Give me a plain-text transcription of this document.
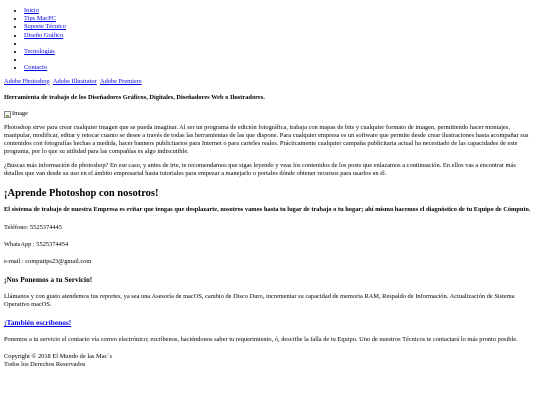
• Inicio
• Tips MacPC
• Soporte Técnico
• Diseño Gráfico
•
• Tecnologías
•
• Contacto
Adobe Photoshop Adobe Illustrator Adobe Premiere
Herramienta de trabajo de los Diseñadores Gráficos, Digitales, Diseñadores Web o Ilustradores.
Image

Photoshop sirve para crear cualquier imagen que se pueda imaginar. Al ser un programa de edición fotográfica, trabaja con mapas de bits y cualquier formato de imagen, permitiendo hacer montajes, manipular, modificar, editar y retocar cuanto se desee a través de todas las herramientas de las que dispone. Para cualquier empresa es un software que permite desde crear ilustraciones hasta acompañar sus contenidos con fotografías hechas a medida, hacer banners publicitarios para Internet o para carteles reales. Prácticamente cualquier campaña publicitaria actual ha necesitado de las capacidades de este programa, por lo que su utilidad para las compañías es algo indiscutible.

¿Buscas más información de photoshop? En ese caso, y antes de irte, te recomendamos que sigas leyendo y veas los contenidos de los posts que enlazamos a continuación. En ellos vas a encontrar más detalles que van desde su uso en el ámbito empresarial hasta tutoriales para empezar a manejarlo o portales dónde obtener recursos para usarlos en él.

¡Aprende Photoshop con nosotros!

El sistema de trabajo de nuestra Empresa es evitar que tengas que desplazarte, nosotros vamos hasta tu lugar de trabajo o tu hogar; ahí mismo hacemos el diagnóstico de tu Equipo de Cómputo.

Teléfono: 5525374445

WhatsApp : 5525374454

e-mail : computips23@gmail.com

¡Nos Ponemos a tu Servicio!

Llámanos y con gusto atendemos tus reportes, ya sea una Asesoría de macOS, cambio de Disco Duro, incrementar su capacidad de memoria RAM, Respaldo de Información. Actualización de Sistema Operativo macOS.

¡También escríbenos!

Ponemos a tu servicio el contacto vía correo electrónico; escríbenos, haciéndonos saber tu requerimiento, ó, describe la falla de tu Equipo. Uno de nuestros Técnicos te contactará lo más pronto posible.

Copyright © 2018 El Mundo de las Mac´s
Todos los Derechos Reservados
